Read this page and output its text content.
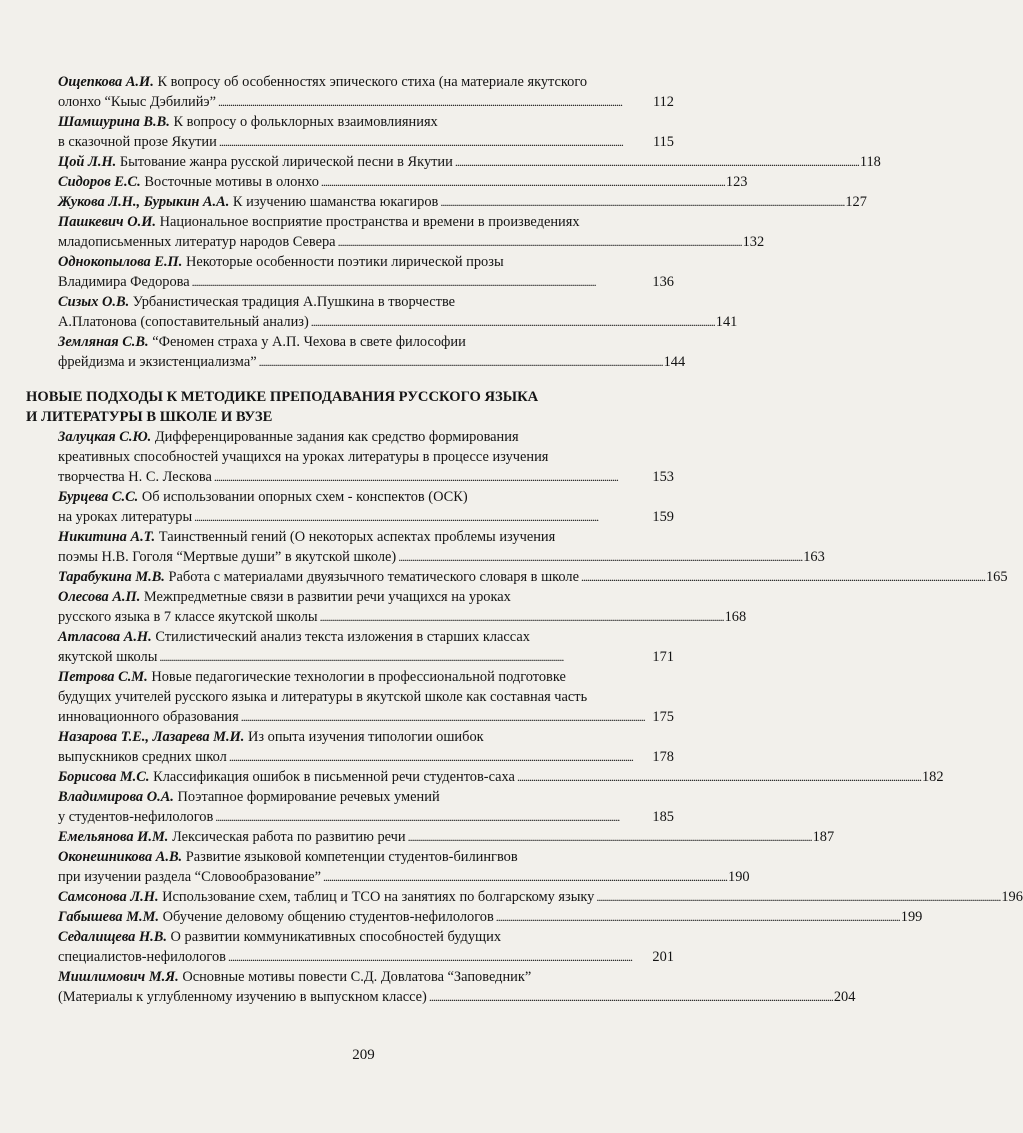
Ощепкова А.И. К вопросу об особенностях эпического стиха (на материале якутского
олонхо “Кыыс Дэбилийэ” . . .	112
Шамшурина В.В. К вопросу о фольклорных взаимовлияниях
в сказочной прозе Якутии . . .	115
Цой Л.Н. Бытование жанра русской лирической песни в Якутии . . .	118
Сидоров Е.С. Восточные мотивы в олонхо . . .	123
Жукова Л.Н., Бурыкин А.А. К изучению шаманства юкагиров . . .	127
Пашкевич О.И. Национальное восприятие пространства и времени в произведениях
младописьменных литератур народов Севера . . .	132
Однокопылова Е.П. Некоторые особенности поэтики лирической прозы
Владимира Федорова . . .	136
Сизых О.В. Урбанистическая традиция А.Пушкина в творчестве
А.Платонова (сопоставительный анализ) . . .	141
Земляная С.В. “Феномен страха у А.П. Чехова в свете философии
фрейдизма и экзистенциализма” . . .	144
НОВЫЕ ПОДХОДЫ К МЕТОДИКЕ ПРЕПОДАВАНИЯ РУССКОГО ЯЗЫКА
И ЛИТЕРАТУРЫ В ШКОЛЕ И ВУЗЕ
Залуцкая С.Ю. Дифференцированные задания как средство формирования
креативных способностей учащихся на уроках литературы в процессе изучения
творчества Н. С. Лескова . . .	153
Бурцева С.С. Об использовании опорных схем - конспектов (ОСК)
на уроках литературы . . .	159
Никитина А.Т. Таинственный гений (О некоторых аспектах проблемы изучения
поэмы Н.В. Гоголя “Мертвые души” в якутской школе) . . .	163
Тарабукина М.В. Работа с материалами двуязычного тематического словаря в школе . . .	165
Олесова А.П. Межпредметные связи в развитии речи учащихся на уроках
русского языка в 7 классе якутской школы . . .	168
Атласова А.Н. Стилистический анализ текста изложения в старших классах
якутской школы . . .	171
Петрова С.М. Новые педагогические технологии в профессиональной подготовке
будущих учителей русского языка и литературы в якутской школе как составная часть
инновационного образования . . .	175
Назарова Т.Е., Лазарева М.И. Из опыта изучения типологии ошибок
выпускников средних школ . . .	178
Борисова М.С. Классификация ошибок в письменной речи студентов-саха . . .	182
Владимирова О.А. Поэтапное формирование речевых умений
у студентов-нефилологов . . .	185
Емельянова И.М. Лексическая работа по развитию речи . . .	187
Оконешникова А.В. Развитие языковой компетенции студентов-билингвов
при изучении раздела “Словообразование” . . .	190
Самсонова Л.Н. Использование схем, таблиц и ТСО на занятиях по болгарскому языку . . .	196
Габышева М.М. Обучение деловому общению студентов-нефилологов . . .	199
Седалищева Н.В. О развитии коммуникативных способностей будущих
специалистов-нефилологов . . .	201
Мишлимович М.Я. Основные мотивы повести С.Д. Довлатова “Заповедник”
(Материалы к углубленному изучению в выпускном классе) . . .	204
209
